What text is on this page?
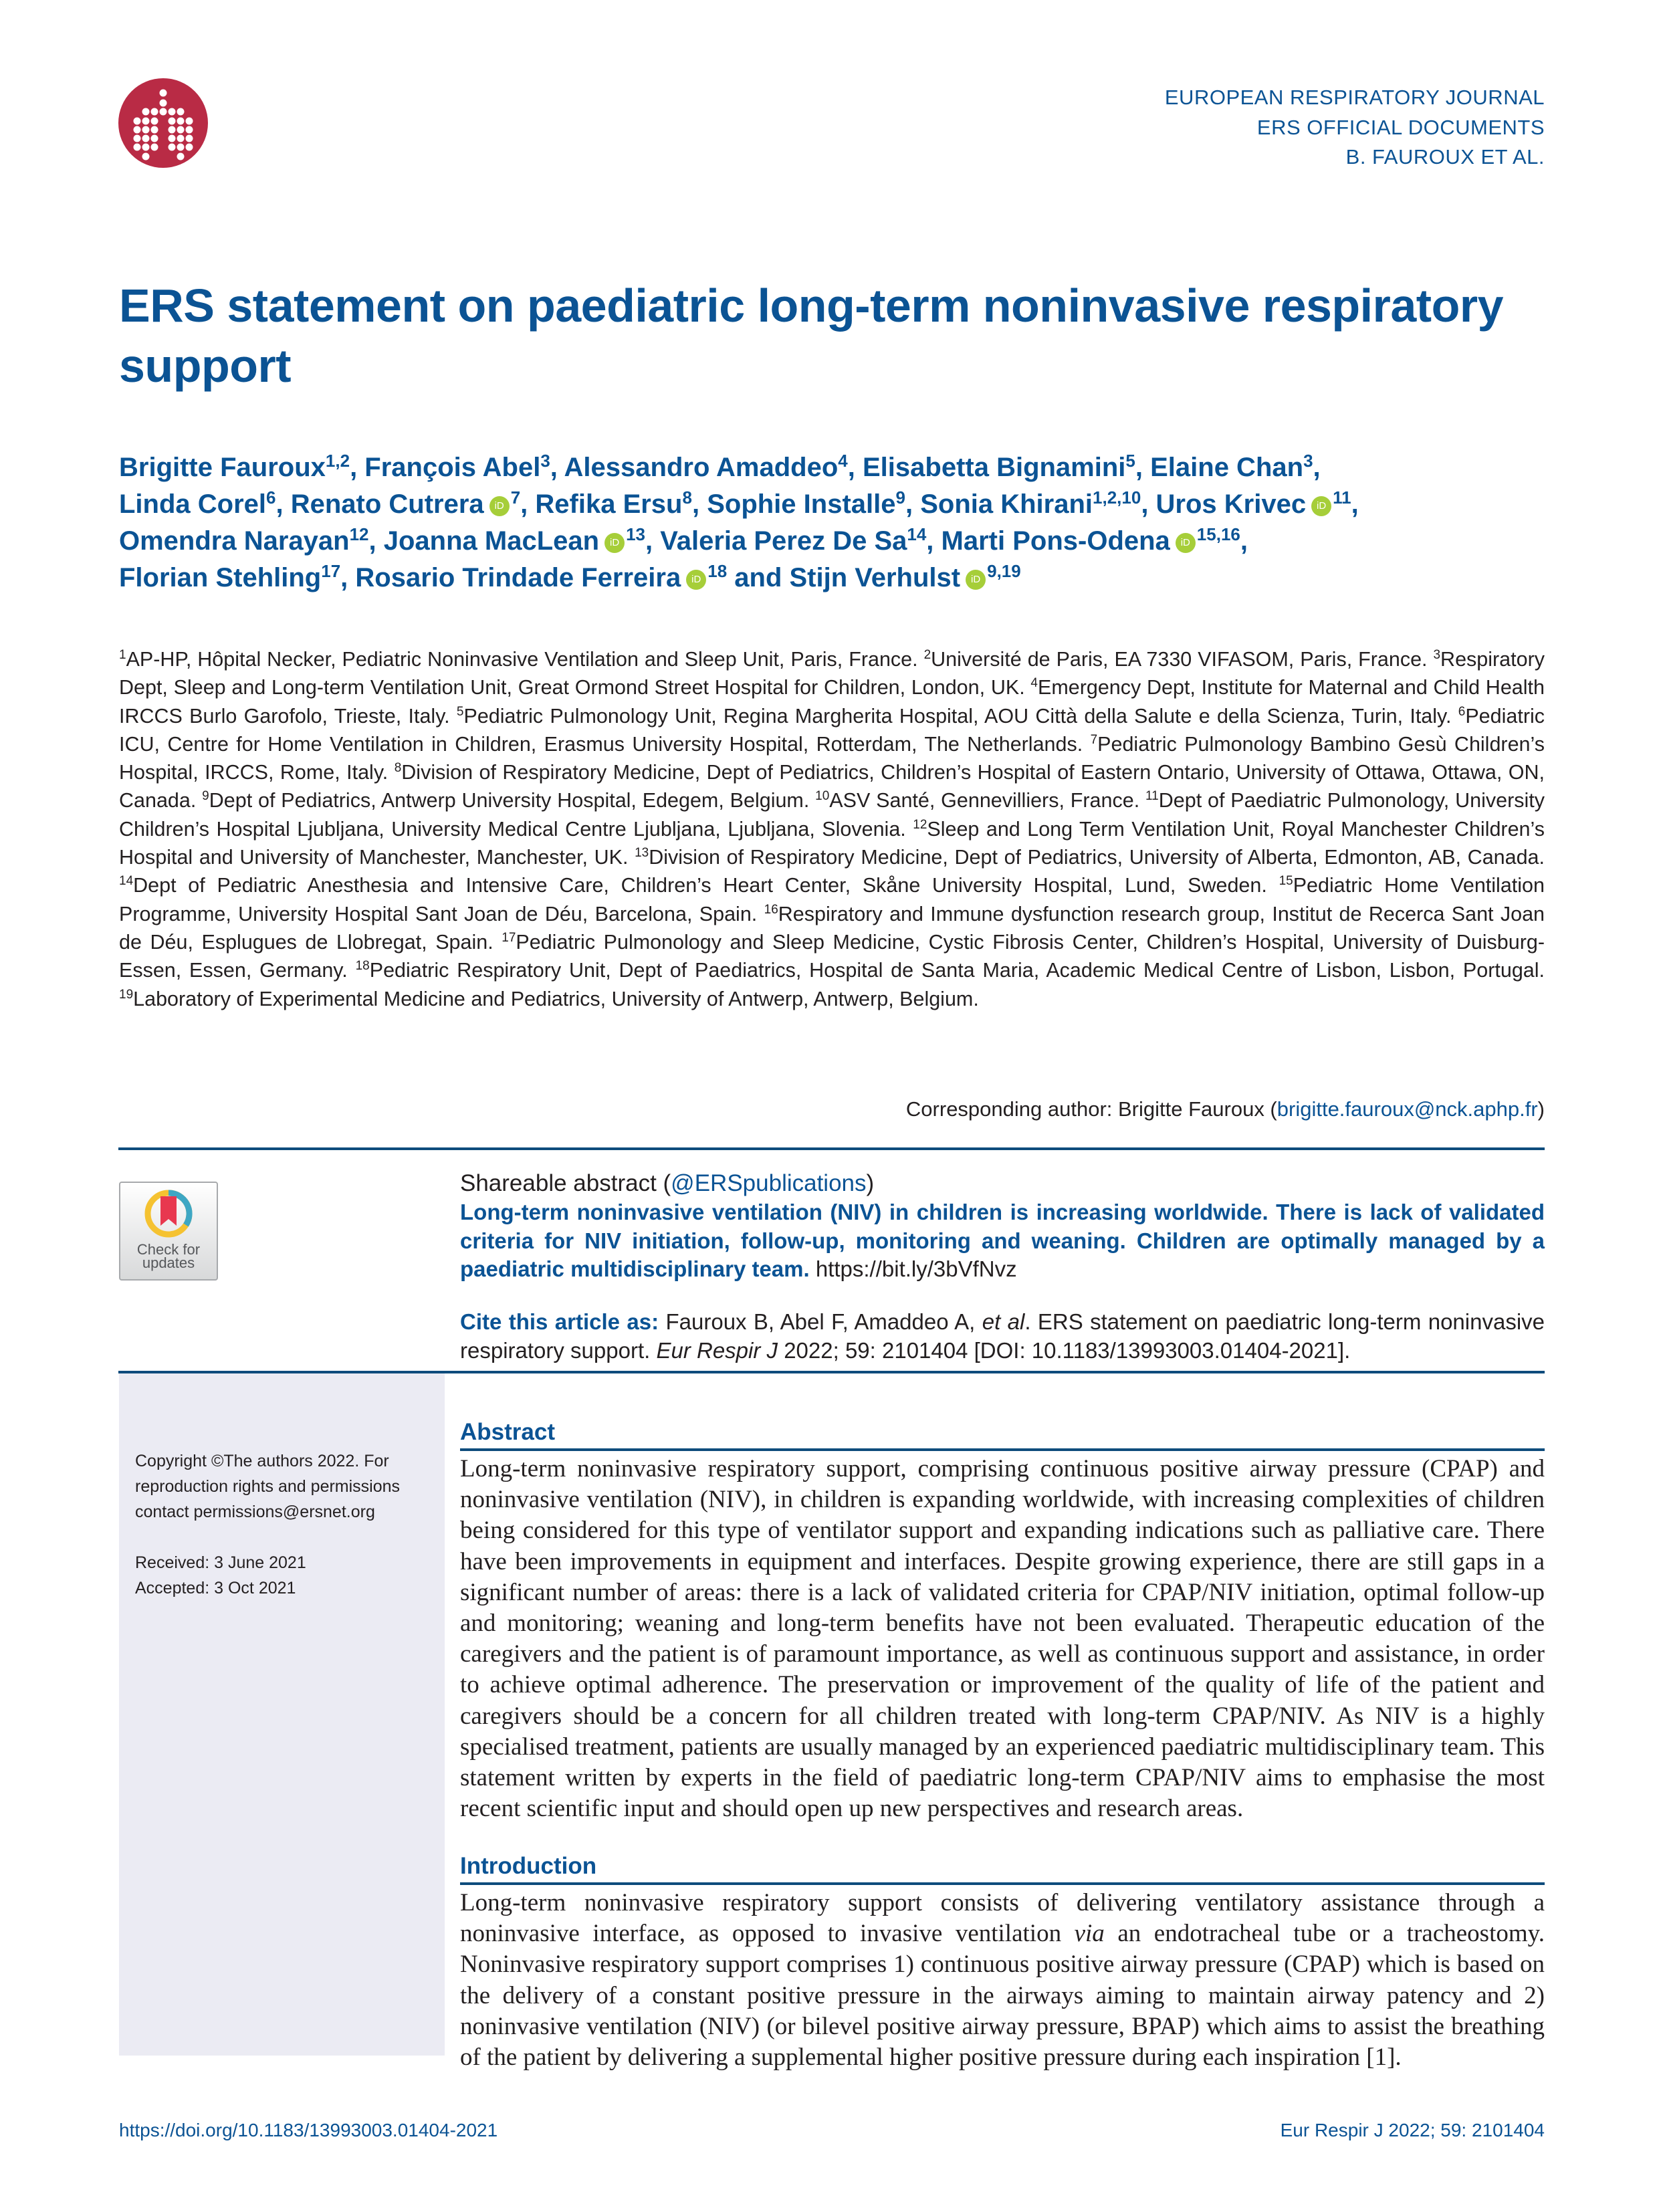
EUROPEAN RESPIRATORY JOURNAL
ERS OFFICIAL DOCUMENTS
B. FAUROUX ET AL.
ERS statement on paediatric long-term noninvasive respiratory support
Brigitte Fauroux$^{1,2}$, François Abel$^3$, Alessandro Amaddeo$^4$, Elisabetta Bignamini$^5$, Elaine Chan$^3$,
Linda Corel$^6$, Renato Cutrera iD $^7$, Refika Ersu$^8$, Sophie Installe$^9$, Sonia Khirani$^{1,2,10}$, Uros Krivec iD $^{11}$,
Omendra Narayan$^{12}$, Joanna MacLean iD $^{13}$, Valeria Perez De Sa$^{14}$, Marti Pons-Odena iD $^{15,16}$,
Florian Stehling$^{17}$, Rosario Trindade Ferreira iD $^{18}$ and Stijn Verhulst iD $^{9,19}$
$^1$AP-HP, Hôpital Necker, Pediatric Noninvasive Ventilation and Sleep Unit, Paris, France. $^2$Université de Paris, EA 7330 VIFASOM, Paris, France. $^3$Respiratory Dept, Sleep and Long-term Ventilation Unit, Great Ormond Street Hospital for Children, London, UK. $^4$Emergency Dept, Institute for Maternal and Child Health IRCCS Burlo Garofolo, Trieste, Italy. $^5$Pediatric Pulmonology Unit, Regina Margherita Hospital, AOU Città della Salute e della Scienza, Turin, Italy. $^6$Pediatric ICU, Centre for Home Ventilation in Children, Erasmus University Hospital, Rotterdam, The Netherlands. $^7$Pediatric Pulmonology Bambino Gesù Children’s Hospital, IRCCS, Rome, Italy. $^8$Division of Respiratory Medicine, Dept of Pediatrics, Children’s Hospital of Eastern Ontario, University of Ottawa, Ottawa, ON, Canada. $^9$Dept of Pediatrics, Antwerp University Hospital, Edegem, Belgium. $^{10}$ASV Santé, Gennevilliers, France. $^{11}$Dept of Paediatric Pulmonology, University Children’s Hospital Ljubljana, University Medical Centre Ljubljana, Ljubljana, Slovenia. $^{12}$Sleep and Long Term Ventilation Unit, Royal Manchester Children’s Hospital and University of Manchester, Manchester, UK. $^{13}$Division of Respiratory Medicine, Dept of Pediatrics, University of Alberta, Edmonton, AB, Canada. $^{14}$Dept of Pediatric Anesthesia and Intensive Care, Children’s Heart Center, Skåne University Hospital, Lund, Sweden. $^{15}$Pediatric Home Ventilation Programme, University Hospital Sant Joan de Déu, Barcelona, Spain. $^{16}$Respiratory and Immune dysfunction research group, Institut de Recerca Sant Joan de Déu, Esplugues de Llobregat, Spain. $^{17}$Pediatric Pulmonology and Sleep Medicine, Cystic Fibrosis Center, Children’s Hospital, University of Duisburg-Essen, Essen, Germany. $^{18}$Pediatric Respiratory Unit, Dept of Paediatrics, Hospital de Santa Maria, Academic Medical Centre of Lisbon, Lisbon, Portugal. $^{19}$Laboratory of Experimental Medicine and Pediatrics, University of Antwerp, Antwerp, Belgium.
Corresponding author: Brigitte Fauroux (brigitte.fauroux@nck.aphp.fr)
Check for
updates
Shareable abstract (@ERSpublications)
Long-term noninvasive ventilation (NIV) in children is increasing worldwide. There is lack of validated criteria for NIV initiation, follow-up, monitoring and weaning. Children are optimally managed by a paediatric multidisciplinary team. https://bit.ly/3bVfNvz
Cite this article as: Fauroux B, Abel F, Amaddeo A, et al. ERS statement on paediatric long-term noninvasive respiratory support. Eur Respir J 2022; 59: 2101404 [DOI: 10.1183/13993003.01404-2021].
Copyright ©The authors 2022. For reproduction rights and permissions contact permissions@ersnet.org
Received: 3 June 2021
Accepted: 3 Oct 2021
Abstract
Long-term noninvasive respiratory support, comprising continuous positive airway pressure (CPAP) and noninvasive ventilation (NIV), in children is expanding worldwide, with increasing complexities of children being considered for this type of ventilator support and expanding indications such as palliative care. There have been improvements in equipment and interfaces. Despite growing experience, there are still gaps in a significant number of areas: there is a lack of validated criteria for CPAP/NIV initiation, optimal follow-up and monitoring; weaning and long-term benefits have not been evaluated. Therapeutic education of the caregivers and the patient is of paramount importance, as well as continuous support and assistance, in order to achieve optimal adherence. The preservation or improvement of the quality of life of the patient and caregivers should be a concern for all children treated with long-term CPAP/NIV. As NIV is a highly specialised treatment, patients are usually managed by an experienced paediatric multidisciplinary team. This statement written by experts in the field of paediatric long-term CPAP/NIV aims to emphasise the most recent scientific input and should open up new perspectives and research areas.
Introduction
Long-term noninvasive respiratory support consists of delivering ventilatory assistance through a noninvasive interface, as opposed to invasive ventilation via an endotracheal tube or a tracheostomy. Noninvasive respiratory support comprises 1) continuous positive airway pressure (CPAP) which is based on the delivery of a constant positive pressure in the airways aiming to maintain airway patency and 2) noninvasive ventilation (NIV) (or bilevel positive airway pressure, BPAP) which aims to assist the breathing of the patient by delivering a supplemental higher positive pressure during each inspiration [1].
https://doi.org/10.1183/13993003.01404-2021	Eur Respir J 2022; 59: 2101404
